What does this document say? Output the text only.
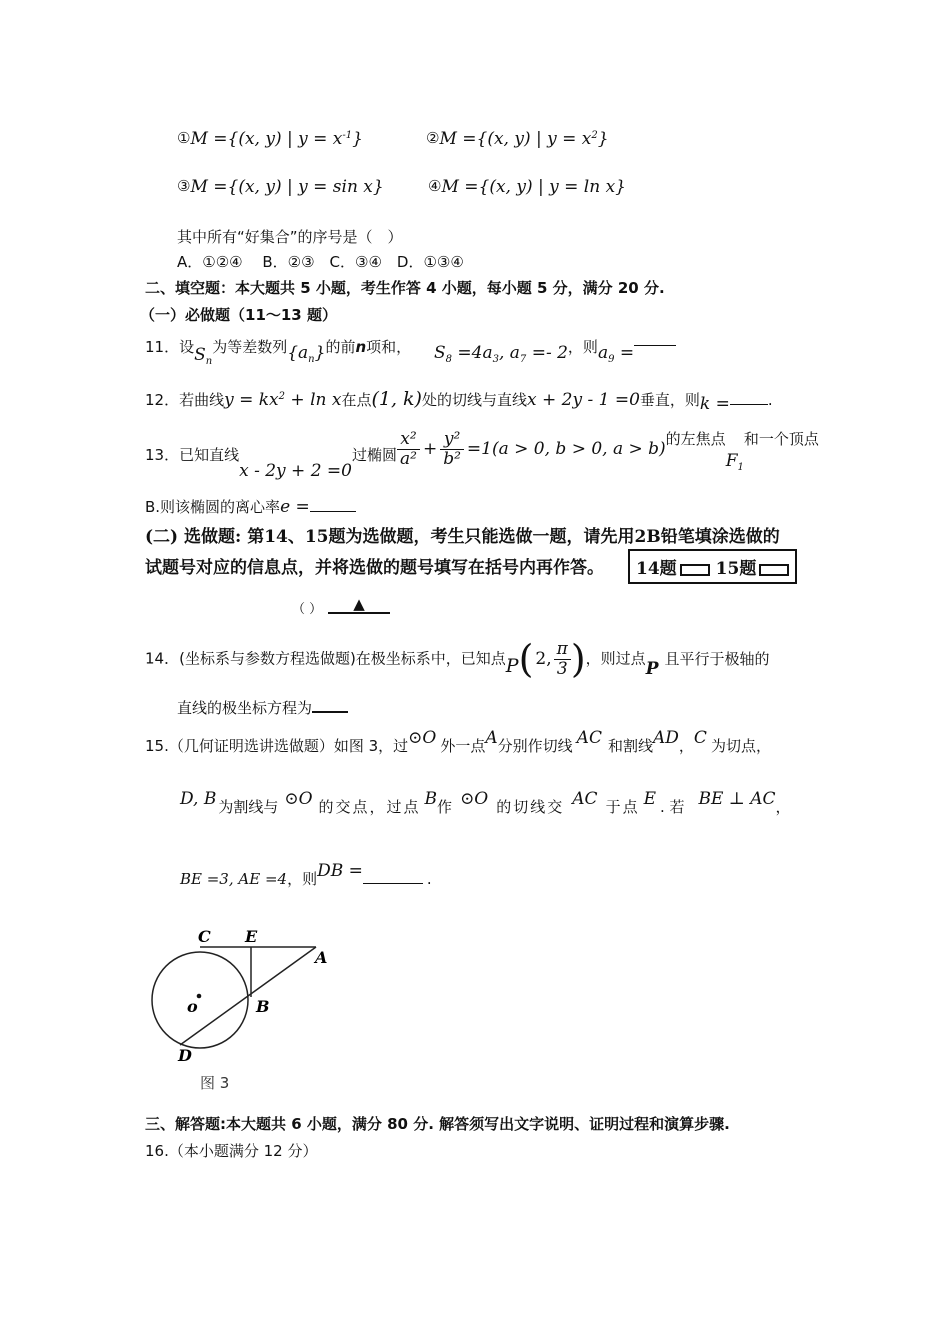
①M ={(x, y) | $y = x^{-1}$}	②M ={(x, y) | $y = x^2$}
③M ={(x, y) | y = sin x}	④M ={(x, y) | y = ln x}
其中所有“好集合”的序号是（　）
A．①②④　 B．②③　C．③④　D．①③④
二、填空题：本大题共 5 小题，考生作答 4 小题，每小题 5 分，满分 20 分.
（一）必做题（11～13 题）
11．设$S_n$为等差数列$\{a_n\}$的前n项和， $S_8 =4a_3$, $a_7 =- 2$，则$a_9$ =
12．若曲线$y = kx^2 + \ln x$在点(1, k)处的切线与直线x + 2y - 1 =0垂直，则k =	.
13．已知直线x - 2y + 2 =0过椭圆 $\frac{\text{x²}}{\text{a²}} + \frac{\text{y²}}{\text{b²}} =1(a > 0$, b > 0, a > b)的左焦点$F_1$和一个顶点
B.则该椭圆的离心率e =
(二) 选做题: 第14、15题为选做题，考生只能选做一题，请先用2B铅笔填涂选做的
试题号对应的信息点，并将选做的题号填写在括号内再作答。	14题 15题
（ ）	▲
14．(坐标系与参数方程选做题)在极坐标系中，已知点P( 2, $\frac{\pi}{3}$ )，则过点P 且平行于极轴的
直线的极坐标方程为
15.（几何证明选讲选做题）如图 3，过⊙O 外一点A分别作切线 AC 和割线AD，C 为切点，
D, B 为割线与 ⊙O 的交点，过点 B作 ⊙O 的切线交 AC 于点 E . 若 BE ⊥ AC，
BE =3, AE =4，则DB =	.
C E
A
o	B
D
图 3
三、解答题:本大题共 6 小题，满分 80 分. 解答须写出文字说明、证明过程和演算步骤.
16.（本小题满分 12 分）
